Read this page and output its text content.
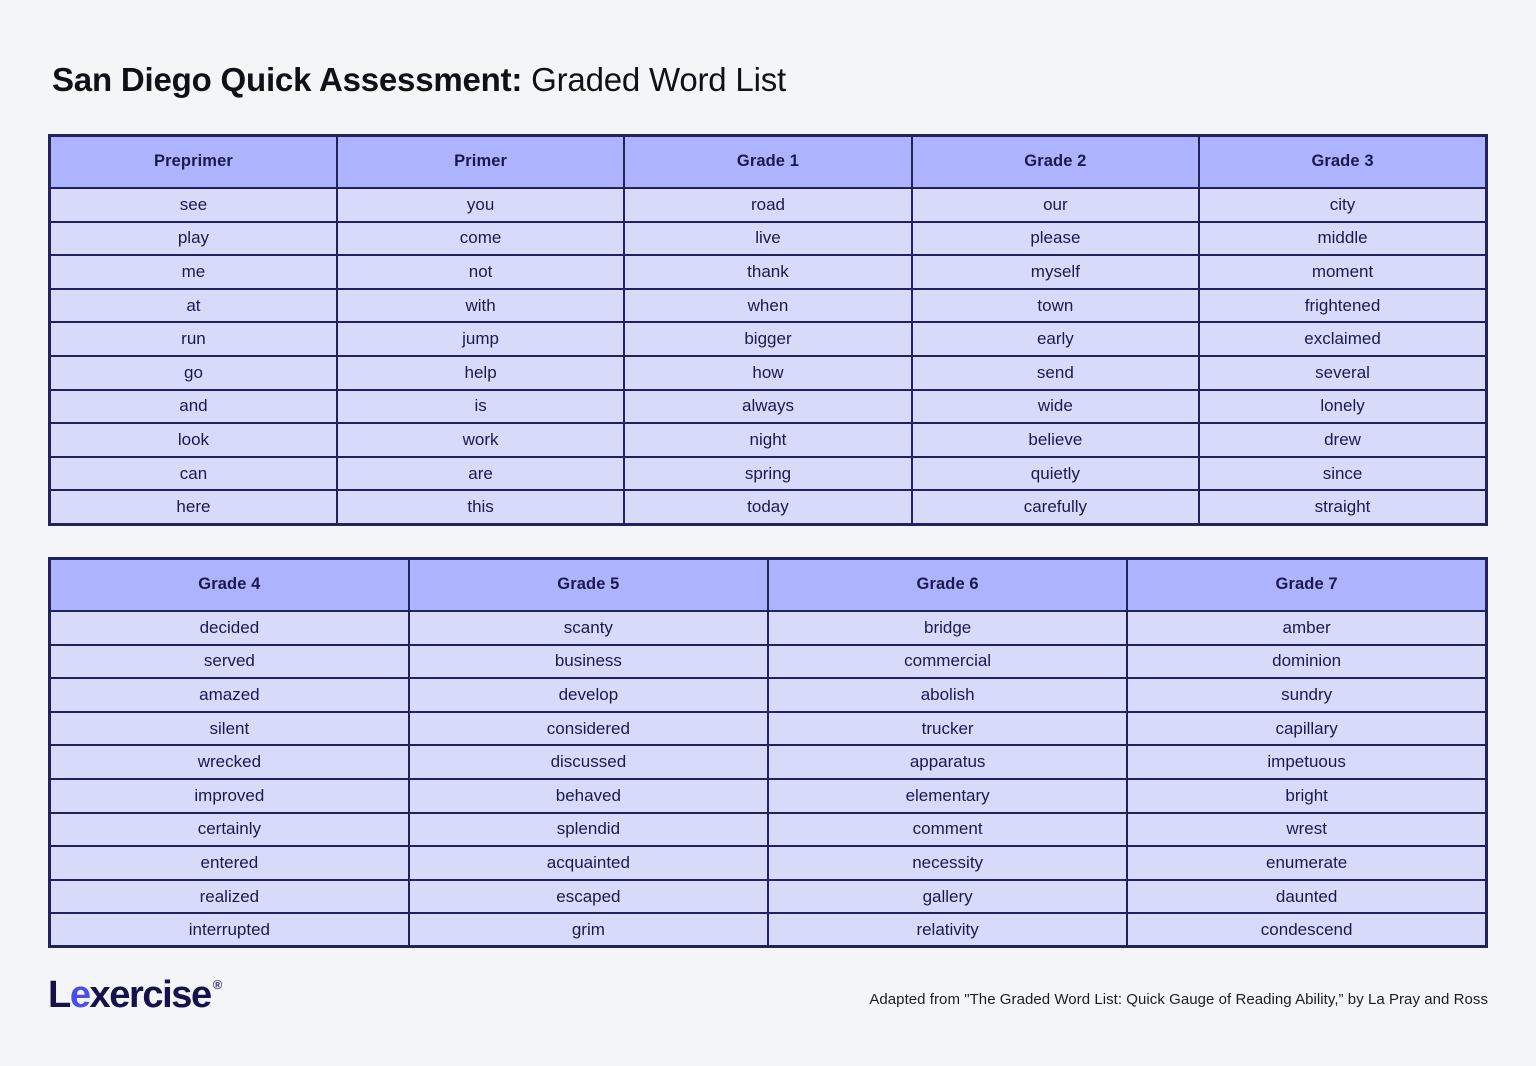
San Diego Quick Assessment: Graded Word List
Preprimer	Primer	Grade 1	Grade 2	Grade 3
see	you	road	our	city
play	come	live	please	middle
me	not	thank	myself	moment
at	with	when	town	frightened
run	jump	bigger	early	exclaimed
go	help	how	send	several
and	is	always	wide	lonely
look	work	night	believe	drew
can	are	spring	quietly	since
here	this	today	carefully	straight
Grade 4	Grade 5	Grade 6	Grade 7
decided	scanty	bridge	amber
served	business	commercial	dominion
amazed	develop	abolish	sundry
silent	considered	trucker	capillary
wrecked	discussed	apparatus	impetuous
improved	behaved	elementary	bright
certainly	splendid	comment	wrest
entered	acquainted	necessity	enumerate
realized	escaped	gallery	daunted
interrupted	grim	relativity	condescend
L e xercise ®
Adapted from "The Graded Word List: Quick Gauge of Reading Ability,” by La Pray and Ross
